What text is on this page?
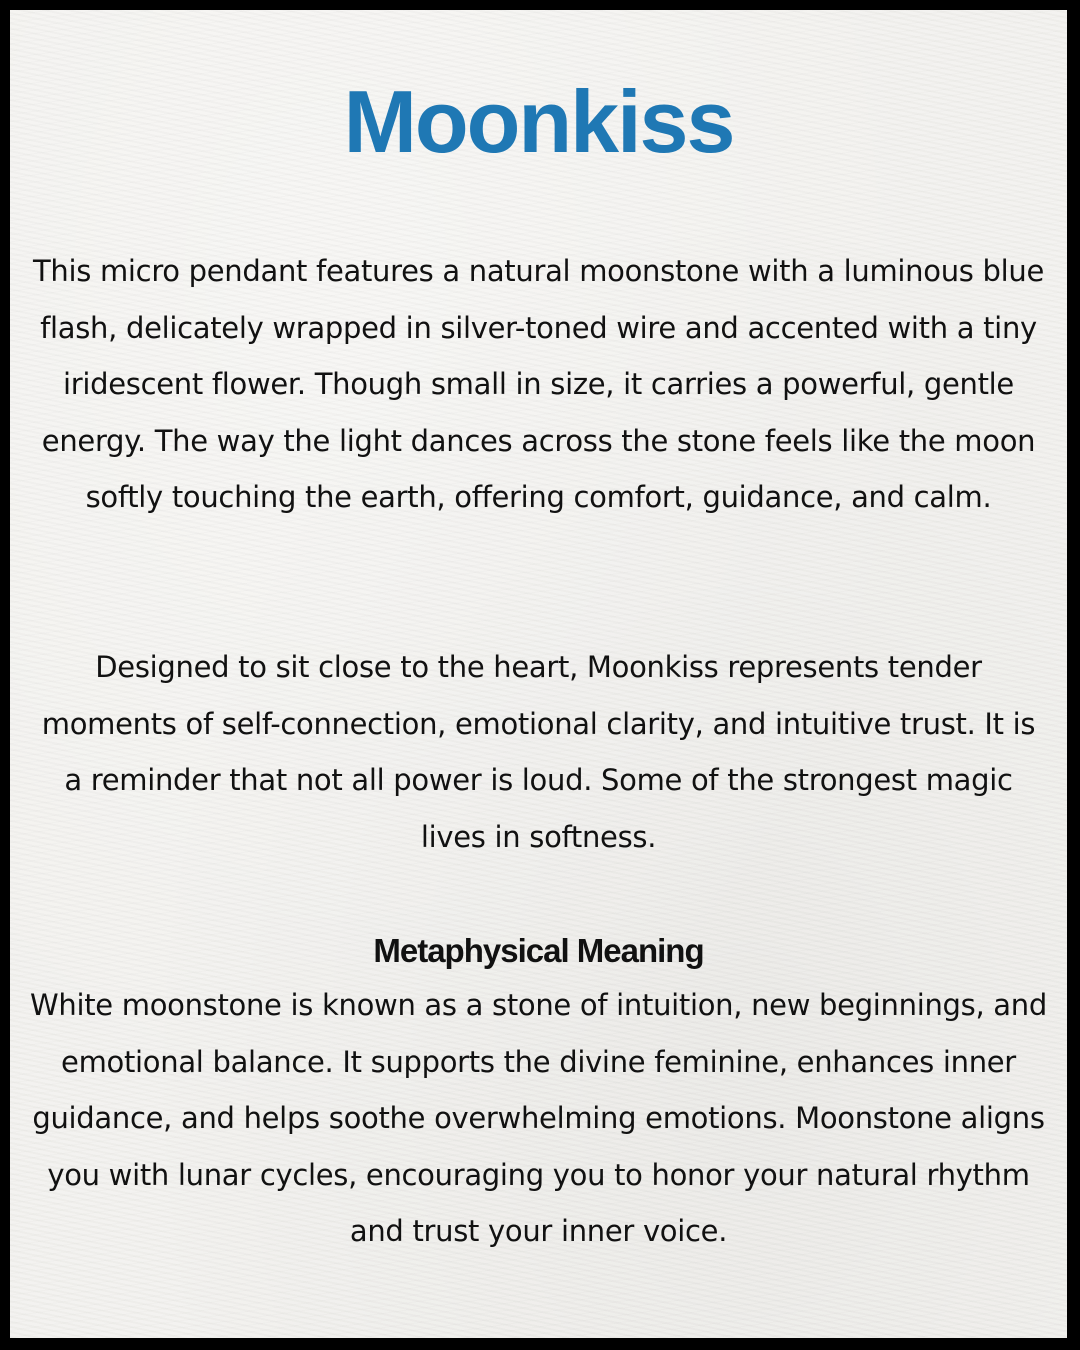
Moonkiss

This micro pendant features a natural moonstone with a luminous blue flash, delicately wrapped in silver-toned wire and accented with a tiny iridescent flower. Though small in size, it carries a powerful, gentle energy. The way the light dances across the stone feels like the moon softly touching the earth, offering comfort, guidance, and calm.

Designed to sit close to the heart, Moonkiss represents tender moments of self-connection, emotional clarity, and intuitive trust. It is a reminder that not all power is loud. Some of the strongest magic lives in softness.

Metaphysical Meaning

White moonstone is known as a stone of intuition, new beginnings, and emotional balance. It supports the divine feminine, enhances inner guidance, and helps soothe overwhelming emotions. Moonstone aligns you with lunar cycles, encouraging you to honor your natural rhythm and trust your inner voice.
